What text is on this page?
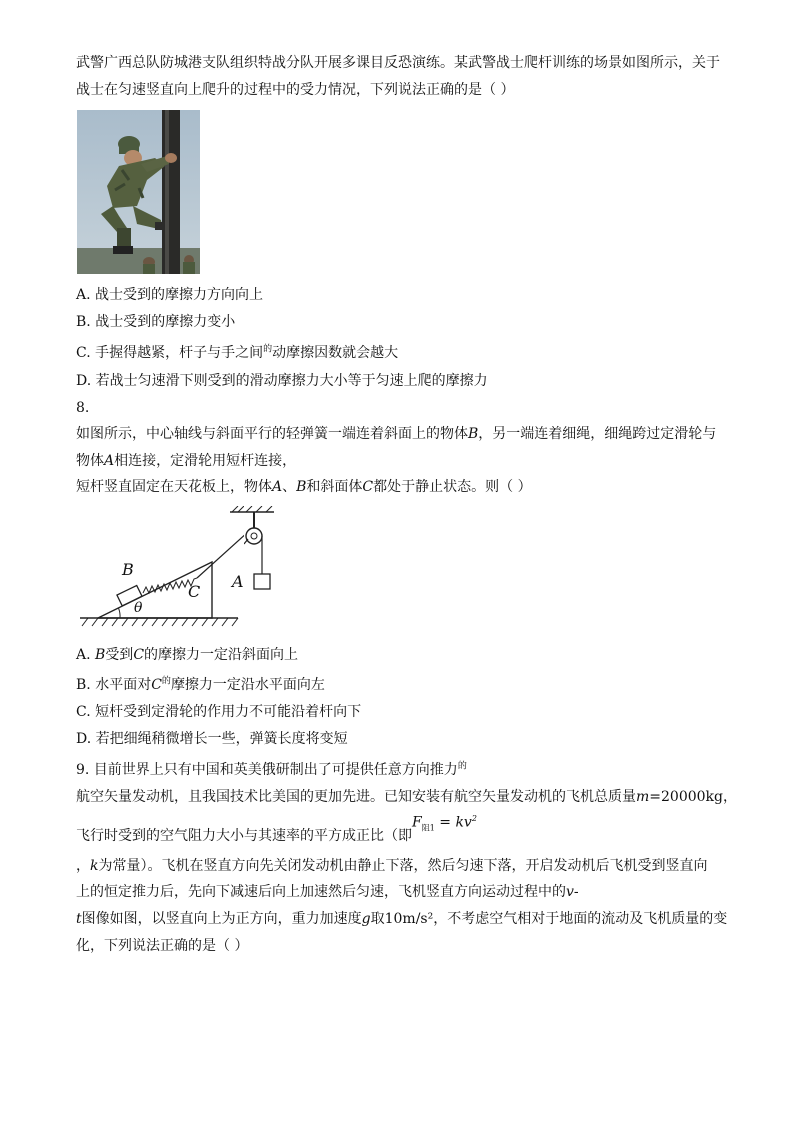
武警广西总队防城港支队组织特战分队开展多课目反恐演练。某武警战士爬杆训练的场景如图所示，关于
战士在匀速竖直向上爬升的过程中的受力情况，下列说法正确的是（ ）
A. 战士受到的摩擦力方向向上
B. 战士受到的摩擦力变小
C. 手握得越紧，杆子与手之间$^的$动摩擦因数就会越大
D. 若战士匀速滑下则受到的滑动摩擦力大小等于匀速上爬的摩擦力
8.
如图所示，中心轴线与斜面平行的轻弹簧一端连着斜面上的物体B，另一端连着细绳，细绳跨过定滑轮与
物体A相连接，定滑轮用短杆连接，
短杆竖直固定在天花板上，物体A、B和斜面体C都处于静止状态。则（ ）
B
C
θ
A
A. B受到C的摩擦力一定沿斜面向上
B. 水平面对$C^的$摩擦力一定沿水平面向左
C. 短杆受到定滑轮的作用力不可能沿着杆向下
D. 若把细绳稍微增长一些，弹簧长度将变短
9. 目前世界上只有中国和英美俄研制出了可提供任意方向推力$^的$
航空矢量发动机，且我国技术比美国的更加先进。已知安装有航空矢量发动机的飞机总质量m=20000kg，
飞行时受到的空气阻力大小与其速率的平方成正比（即
$F_{阻1} = kv^2$
，k为常量）。飞机在竖直方向先关闭发动机由静止下落，然后匀速下落，开启发动机后飞机受到竖直向
上的恒定推力后，先向下减速后向上加速然后匀速，飞机竖直方向运动过程中的v-
t图像如图，以竖直向上为正方向，重力加速度g取10m/s²，不考虑空气相对于地面的流动及飞机质量的变
化，下列说法正确的是（ ）
